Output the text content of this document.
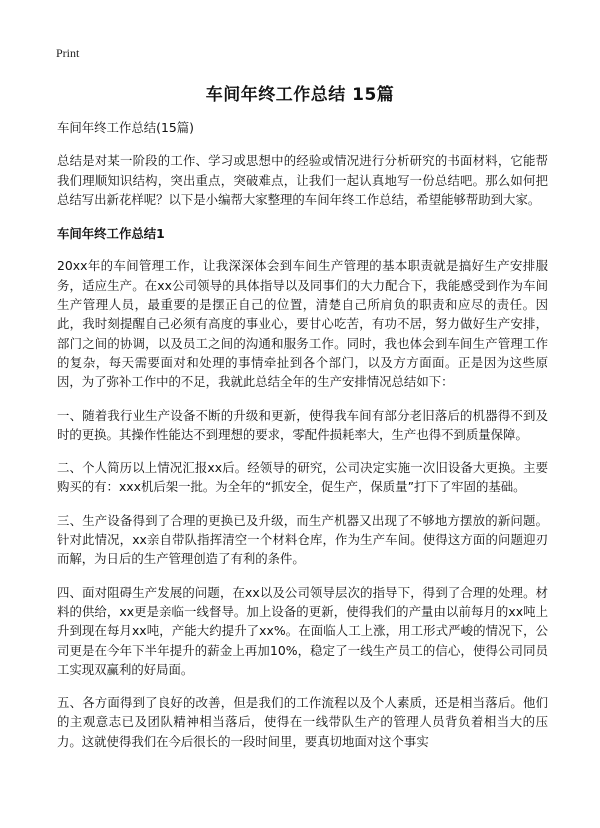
Print
车间年终工作总结 15篇

车间年终工作总结(15篇)

总结是对某一阶段的工作、学习或思想中的经验或情况进行分析研究的书面材料，它能帮我们理顺知识结构，突出重点，突破难点，让我们一起认真地写一份总结吧。那么如何把总结写出新花样呢？以下是小编帮大家整理的车间年终工作总结，希望能够帮助到大家。

车间年终工作总结1

20xx年的车间管理工作，让我深深体会到车间生产管理的基本职责就是搞好生产安排服务，适应生产。在xx公司领导的具体指导以及同事们的大力配合下，我能感受到作为车间生产管理人员，最重要的是摆正自己的位置，清楚自己所肩负的职责和应尽的责任。因此，我时刻提醒自己必须有高度的事业心，要甘心吃苦，有功不居，努力做好生产安排，部门之间的协调，以及员工之间的沟通和服务工作。同时，我也体会到车间生产管理工作的复杂，每天需要面对和处理的事情牵扯到各个部门，以及方方面面。正是因为这些原因，为了弥补工作中的不足，我就此总结全年的生产安排情况总结如下：

一、随着我行业生产设备不断的升级和更新，使得我车间有部分老旧落后的机器得不到及时的更换。其操作性能达不到理想的要求，零配件损耗率大，生产也得不到质量保障。

二、个人简历以上情况汇报xx后。经领导的研究，公司决定实施一次旧设备大更换。主要购买的有：xxx机后架一批。为全年的“抓安全，促生产，保质量”打下了牢固的基础。

三、生产设备得到了合理的更换已及升级，而生产机器又出现了不够地方摆放的新问题。针对此情况，xx亲自带队指挥清空一个材料仓库，作为生产车间。使得这方面的问题迎刃而解，为日后的生产管理创造了有利的条件。

四、面对阻碍生产发展的问题，在xx以及公司领导层次的指导下，得到了合理的处理。材料的供给，xx更是亲临一线督导。加上设备的更新，使得我们的产量由以前每月的xx吨上升到现在每月xx吨，产能大约提升了xx%。在面临人工上涨，用工形式严峻的情况下，公司更是在今年下半年提升的薪金上再加10%，稳定了一线生产员工的信心，使得公司同员工实现双赢利的好局面。

五、各方面得到了良好的改善，但是我们的工作流程以及个人素质，还是相当落后。他们的主观意志已及团队精神相当落后，使得在一线带队生产的管理人员背负着相当大的压力。这就使得我们在今后很长的一段时间里，要真切地面对这个事实
